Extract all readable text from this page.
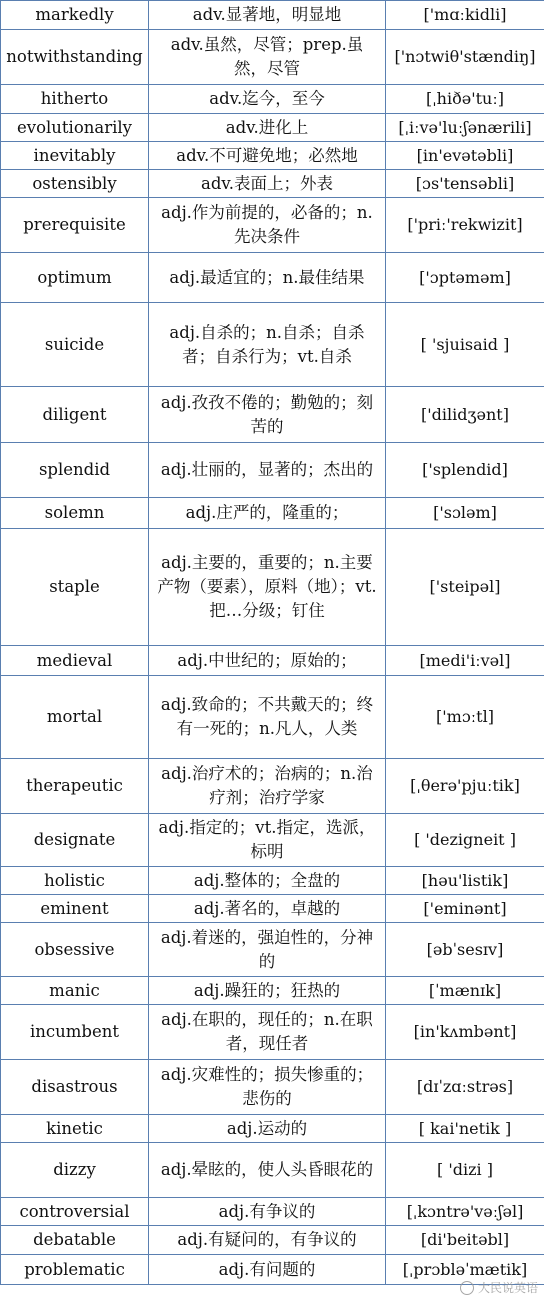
markedly	adv.显著地，明显地	['mɑːkidli]
notwithstanding	adv.虽然，尽管；prep.虽然，尽管	['nɔtwiθ'stændiŋ]
hitherto	adv.迄今，至今	[ˌhiðə'tuː]
evolutionarily	adv.进化上	[ˌiːvə'luːʃənærili]
inevitably	adv.不可避免地；必然地	[in'evətəbli]
ostensibly	adv.表面上；外表	[ɔs'tensəbli]
prerequisite	adj.作为前提的，必备的；n.先决条件	['priː'rekwizit]
optimum	adj.最适宜的；n.最佳结果	['ɔptəməm]
suicide	adj.自杀的；n.自杀；自杀者；自杀行为；vt.自杀	[ 'sjuisaid ]
diligent	adj.孜孜不倦的；勤勉的；刻苦的	['dilidʒənt]
splendid	adj.壮丽的，显著的；杰出的	['splendid]
solemn	adj.庄严的，隆重的；	['sɔləm]
staple	adj.主要的，重要的；n.主要产物（要素），原料（地）；vt. 把…分级；钉住	['steipəl]
medieval	adj.中世纪的；原始的；	[medi'iːvəl]
mortal	adj.致命的；不共戴天的；终有一死的；n.凡人，人类	['mɔːtl]
therapeutic	adj.治疗术的；治病的；n.治疗剂；治疗学家	[ˌθerə'pjuːtik]
designate	adj.指定的；vt.指定，选派，标明	[ 'dezigneit ]
holistic	adj.整体的；全盘的	[həu'listik]
eminent	adj.著名的，卓越的	['eminənt]
obsessive	adj.着迷的，强迫性的，分神的	[əbˈsesɪv]
manic	adj.躁狂的；狂热的	[ˈmænɪk]
incumbent	adj.在职的，现任的；n.在职者，现任者	[in'kʌmbənt]
disastrous	adj.灾难性的；损失惨重的；悲伤的	[dɪˈzɑːstrəs]
kinetic	adj.运动的	[ kai'netik ]
dizzy	adj.晕眩的，使人头昏眼花的	[ 'dizi ]
controversial	adj.有争议的	[ˌkɔntrə'vəːʃəl]
debatable	adj.有疑问的，有争议的	[di'beitəbl]
problematic	adj.有问题的	[ˌprɔbləˈmætik]
大民说英语
